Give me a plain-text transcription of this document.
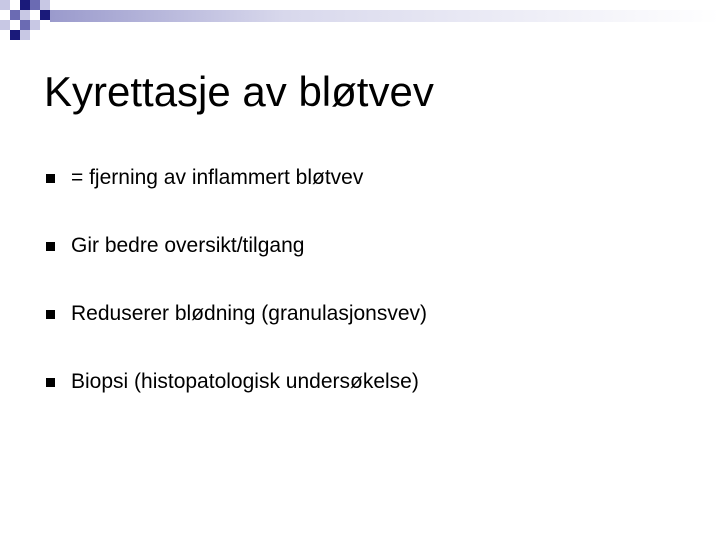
Kyrettasje av bløtvev
= fjerning av inflammert bløtvev
Gir bedre oversikt/tilgang
Reduserer blødning (granulasjonsvev)
Biopsi (histopatologisk undersøkelse)
